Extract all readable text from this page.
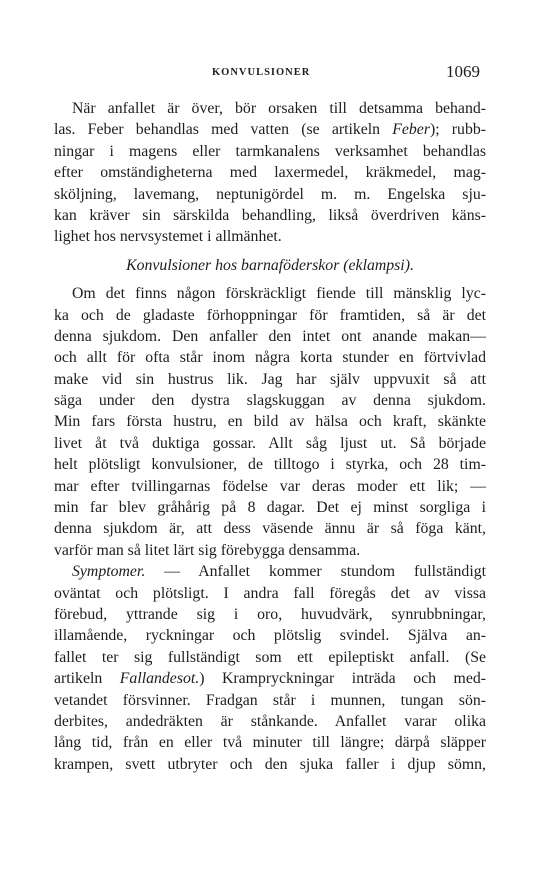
KONVULSIONER	1069
När anfallet är över, bör orsaken till detsamma behand-
las. Feber behandlas med vatten (se artikeln Feber); rubb-
ningar i magens eller tarmkanalens verksamhet behandlas
efter omständigheterna med laxermedel, kräkmedel, mag-
sköljning, lavemang, neptunigördel m. m. Engelska sju-
kan kräver sin särskilda behandling, likså överdriven käns-
lighet hos nervsystemet i allmänhet.
Konvulsioner hos barnaföderskor (eklampsi).
Om det finns någon förskräckligt fiende till mänsklig lyc-
ka och de gladaste förhoppningar för framtiden, så är det
denna sjukdom. Den anfaller den intet ont anande makan—
och allt för ofta står inom några korta stunder en förtvivlad
make vid sin hustrus lik. Jag har själv uppvuxit så att
säga under den dystra slagskuggan av denna sjukdom.
Min fars första hustru, en bild av hälsa och kraft, skänkte
livet åt två duktiga gossar. Allt såg ljust ut. Så började
helt plötsligt konvulsioner, de tilltogo i styrka, och 28 tim-
mar efter tvillingarnas födelse var deras moder ett lik; —
min far blev gråhårig på 8 dagar. Det ej minst sorgliga i
denna sjukdom är, att dess väsende ännu är så föga känt,
varför man så litet lärt sig förebygga densamma.
Symptomer. — Anfallet kommer stundom fullständigt
oväntat och plötsligt. I andra fall föregås det av vissa
förebud, yttrande sig i oro, huvudvärk, synrubbningar,
illamående, ryckningar och plötslig svindel. Själva an-
fallet ter sig fullständigt som ett epileptiskt anfall. (Se
artikeln Fallandesot.) Krampryckningar inträda och med-
vetandet försvinner. Fradgan står i munnen, tungan sön-
derbites, andedräkten är stånkande. Anfallet varar olika
lång tid, från en eller två minuter till längre; därpå släpper
krampen, svett utbryter och den sjuka faller i djup sömn,
